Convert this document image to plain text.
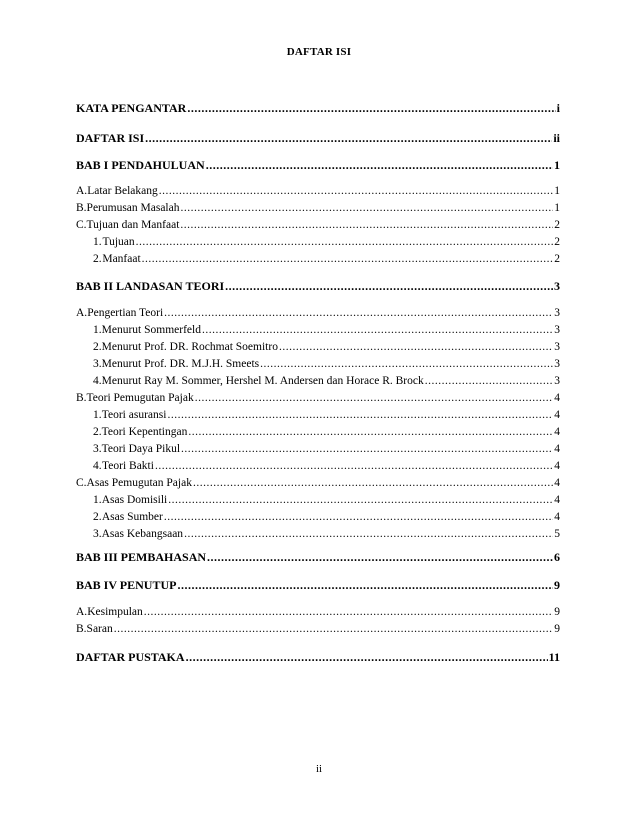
DAFTAR ISI
KATA PENGANTAR .....	i
DAFTAR ISI .....	ii
BAB I PENDAHULUAN .....	1
A. Latar Belakang .....	1
B. Perumusan Masalah .....	1
C. Tujuan dan Manfaat .....	2
1. Tujuan .....	2
2. Manfaat .....	2
BAB II LANDASAN TEORI .....	3
A. Pengertian Teori .....	3
1. Menurut Sommerfeld .....	3
2. Menurut Prof. DR. Rochmat Soemitro .....	3
3. Menurut Prof. DR. M.J.H. Smeets .....	3
4. Menurut Ray M. Sommer, Hershel M. Andersen dan Horace R. Brock .....	3
B. Teori Pemugutan Pajak .....	4
1. Teori asuransi .....	4
2. Teori Kepentingan .....	4
3. Teori Daya Pikul .....	4
4. Teori Bakti .....	4
C. Asas Pemugutan Pajak .....	4
1. Asas Domisili .....	4
2. Asas Sumber .....	4
3. Asas Kebangsaan .....	5
BAB III PEMBAHASAN .....	6
BAB IV PENUTUP .....	9
A. Kesimpulan .....	9
B. Saran .....	9
DAFTAR PUSTAKA .....	11
ii
